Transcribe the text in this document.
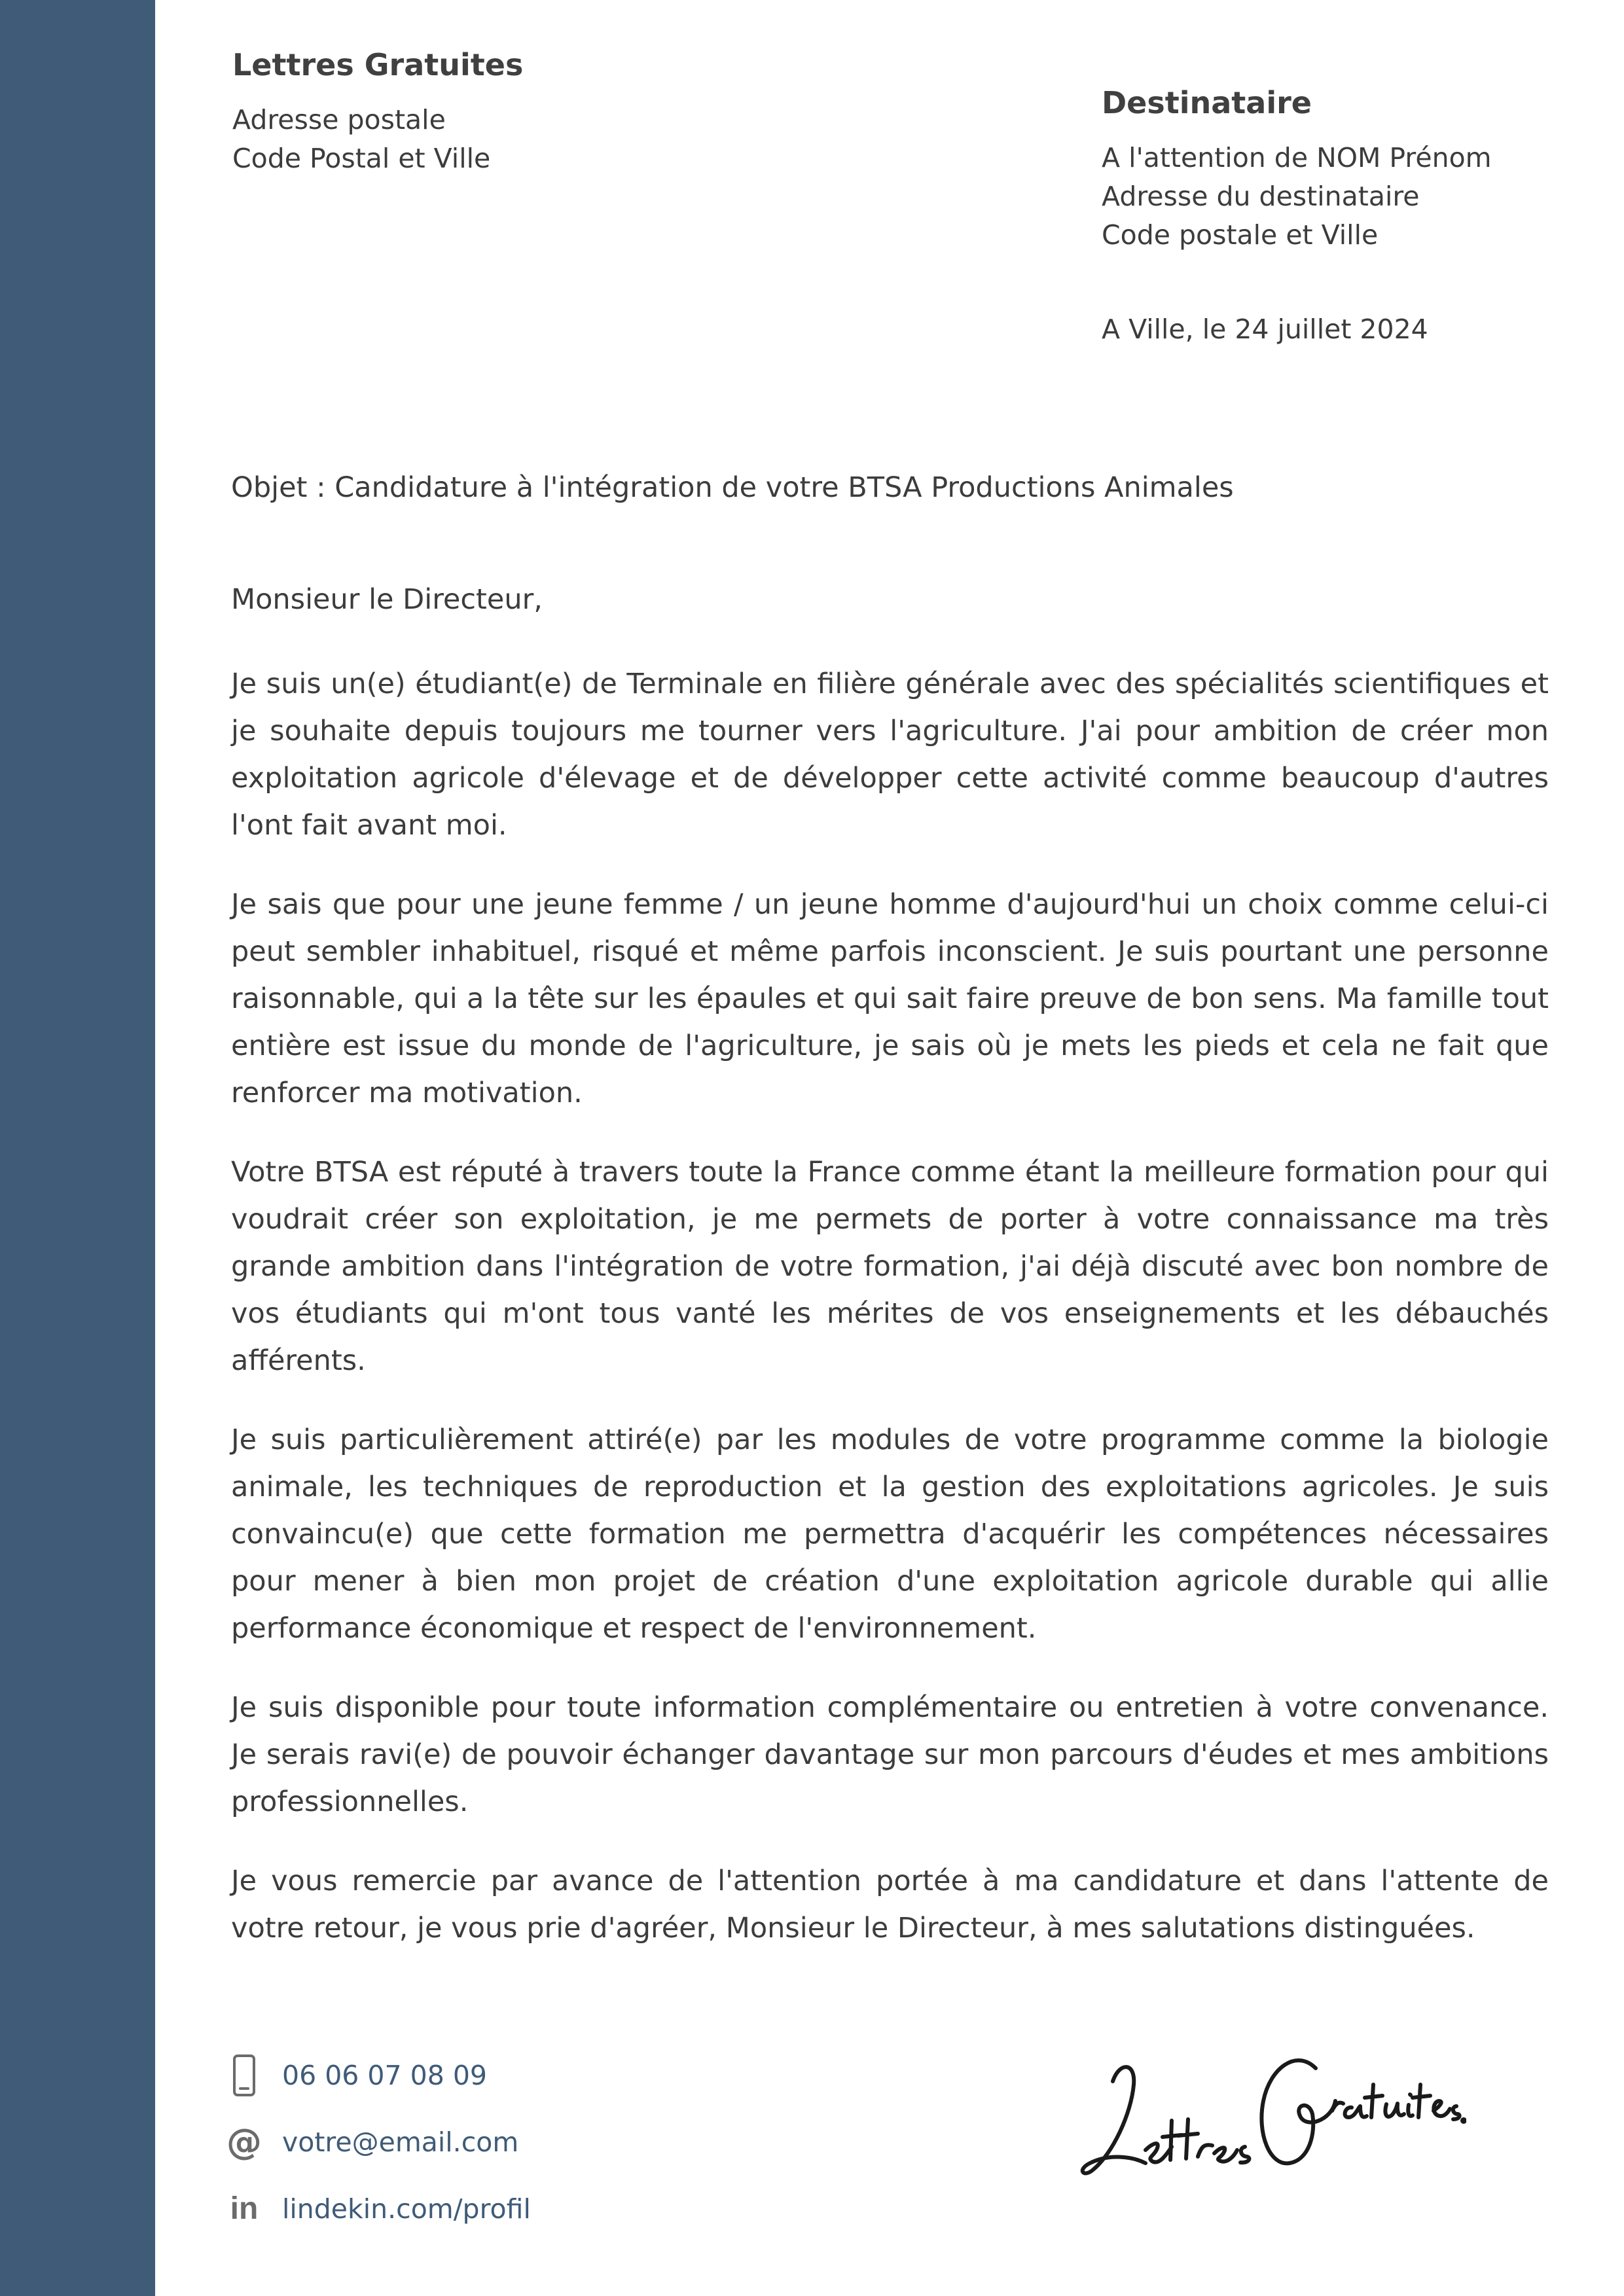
Lettres Gratuites
Adresse postale
Code Postal et Ville
Destinataire
A l'attention de NOM Prénom
Adresse du destinataire
Code postale et Ville
A Ville, le 24 juillet 2024
Objet : Candidature à l'intégration de votre BTSA Productions Animales
Monsieur le Directeur,

Je suis un(e) étudiant(e) de Terminale en filière générale avec des spécialités scientifiques et je souhaite depuis toujours me tourner vers l'agriculture. J'ai pour ambition de créer mon exploitation agricole d'élevage et de développer cette activité comme beaucoup d'autres l'ont fait avant moi.

Je sais que pour une jeune femme / un jeune homme d'aujourd'hui un choix comme celui-ci peut sembler inhabituel, risqué et même parfois inconscient. Je suis pourtant une personne raisonnable, qui a la tête sur les épaules et qui sait faire preuve de bon sens. Ma famille tout entière est issue du monde de l'agriculture, je sais où je mets les pieds et cela ne fait que renforcer ma motivation.

Votre BTSA est réputé à travers toute la France comme étant la meilleure formation pour qui voudrait créer son exploitation, je me permets de porter à votre connaissance ma très grande ambition dans l'intégration de votre formation, j'ai déjà discuté avec bon nombre de vos étudiants qui m'ont tous vanté les mérites de vos enseignements et les débauchés afférents.

Je suis particulièrement attiré(e) par les modules de votre programme comme la biologie animale, les techniques de reproduction et la gestion des exploitations agricoles. Je suis convaincu(e) que cette formation me permettra d'acquérir les compétences nécessaires pour mener à bien mon projet de création d'une exploitation agricole durable qui allie performance économique et respect de l'environnement.

Je suis disponible pour toute information complémentaire ou entretien à votre convenance. Je serais ravi(e) de pouvoir échanger davantage sur mon parcours d'éudes et mes ambitions professionnelles.

Je vous remercie par avance de l'attention portée à ma candidature et dans l'attente de votre retour, je vous prie d'agréer, Monsieur le Directeur, à mes salutations distinguées.

06 06 07 08 09
@ votre@email.com
in lindekin.com/profil
